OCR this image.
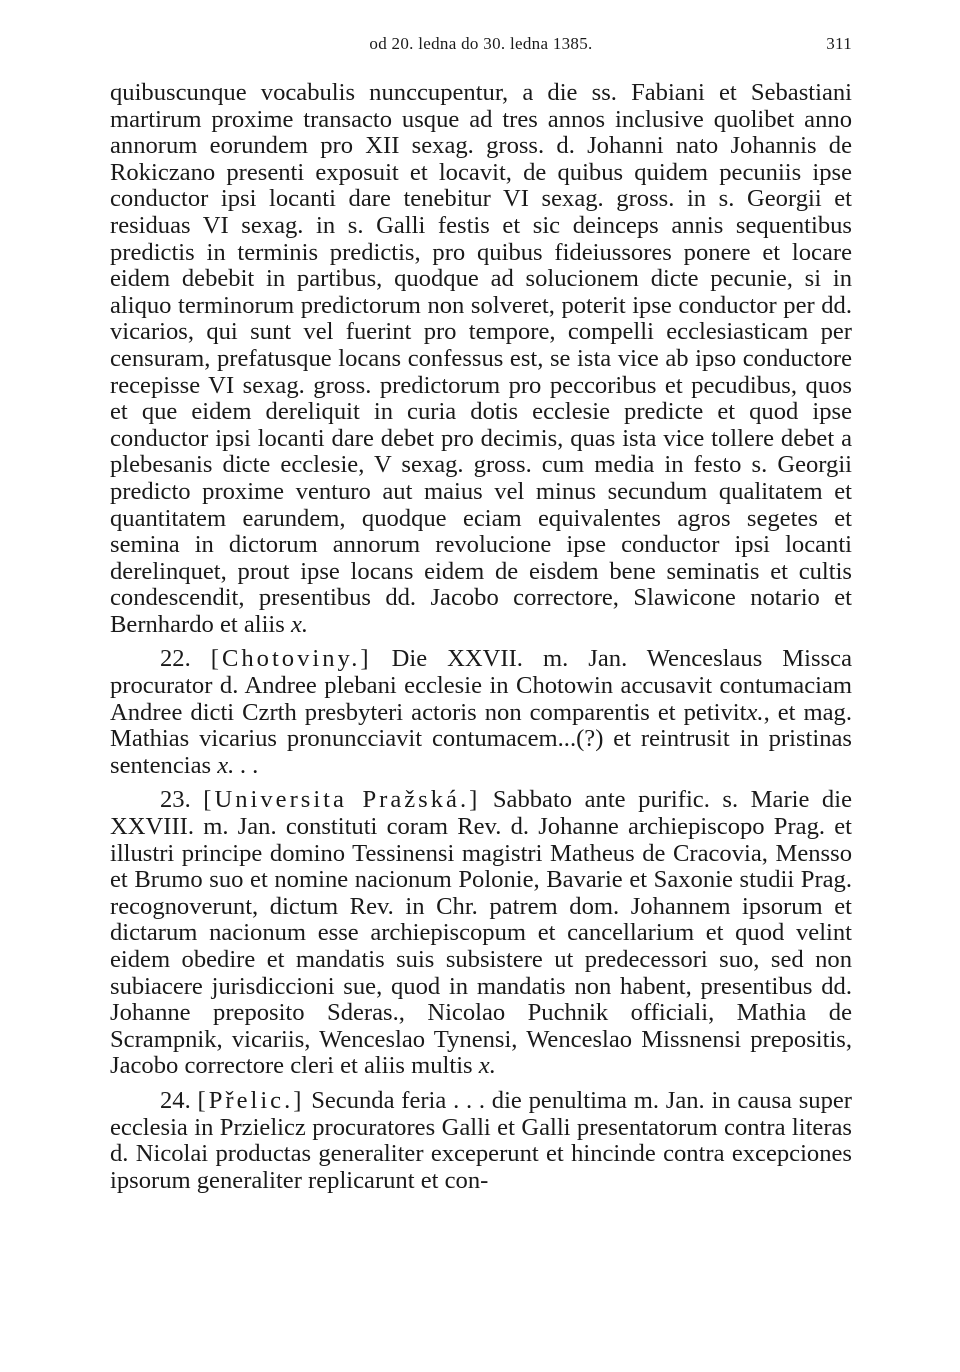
od 20. ledna do 30. ledna 1385.	311

quibuscunque vocabulis nunccupentur, a die ss. Fabiani et Sebastiani martirum proxime transacto usque ad tres annos inclusive quolibet anno annorum eorundem pro XII sexag. gross. d. Johanni nato Johannis de Rokiczano presenti exposuit et locavit, de quibus quidem pecuniis ipse conductor ipsi locanti dare tenebitur VI sexag. gross. in s. Georgii et residuas VI sexag. in s. Galli festis et sic deinceps annis sequentibus predictis in terminis predictis, pro quibus fideiussores ponere et locare eidem debebit in partibus, quodque ad solucionem dicte pecunie, si in aliquo terminorum predictorum non solveret, poterit ipse conductor per dd. vicarios, qui sunt vel fuerint pro tempore, compelli ecclesiasticam per censuram, prefatusque locans confessus est, se ista vice ab ipso conductore recepisse VI sexag. gross. predictorum pro peccoribus et pecudibus, quos et que eidem dereliquit in curia dotis ecclesie predicte et quod ipse conductor ipsi locanti dare debet pro decimis, quas ista vice tollere debet a plebesanis dicte ecclesie, V sexag. gross. cum media in festo s. Georgii predicto proxime venturo aut maius vel minus secundum qualitatem et quantitatem earundem, quodque eciam equivalentes agros segetes et semina in dictorum annorum revolucione ipse conductor ipsi locanti derelinquet, prout ipse locans eidem de eisdem bene seminatis et cultis condescendit, presentibus dd. Jacobo correctore, Slawicone notario et Bernhardo et aliis x.

22. [Chotoviny.] Die XXVII. m. Jan. Wenceslaus Missca procurator d. Andree plebani ecclesie in Chotowin accusavit contumaciam Andree dicti Czrth presbyteri actoris non comparentis et petivitx., et mag. Mathias vicarius pronuncciavit contumacem...(?) et reintrusit in pristinas sentencias x. . .

23. [Universita Pražská.] Sabbato ante purific. s. Marie die XXVIII. m. Jan. constituti coram Rev. d. Johanne archiepiscopo Prag. et illustri principe domino Tessinensi magistri Matheus de Cracovia, Mensso et Brumo suo et nomine nacionum Polonie, Bavarie et Saxonie studii Prag. recognoverunt, dictum Rev. in Chr. patrem dom. Johannem ipsorum et dictarum nacionum esse archiepiscopum et cancellarium et quod velint eidem obedire et mandatis suis subsistere ut predecessori suo, sed non subiacere jurisdiccioni sue, quod in mandatis non habent, presentibus dd. Johanne preposito Sderas., Nicolao Puchnik officiali, Mathia de Scrampnik, vicariis, Wenceslao Tynensi, Wenceslao Missnensi prepositis, Jacobo correctore cleri et aliis multis x.

24. [Přelic.] Secunda feria . . . die penultima m. Jan. in causa super ecclesia in Przielicz procuratores Galli et Galli presentatorum contra literas d. Nicolai productas generaliter exceperunt et hincinde contra excepciones ipsorum generaliter replicarunt et con-
